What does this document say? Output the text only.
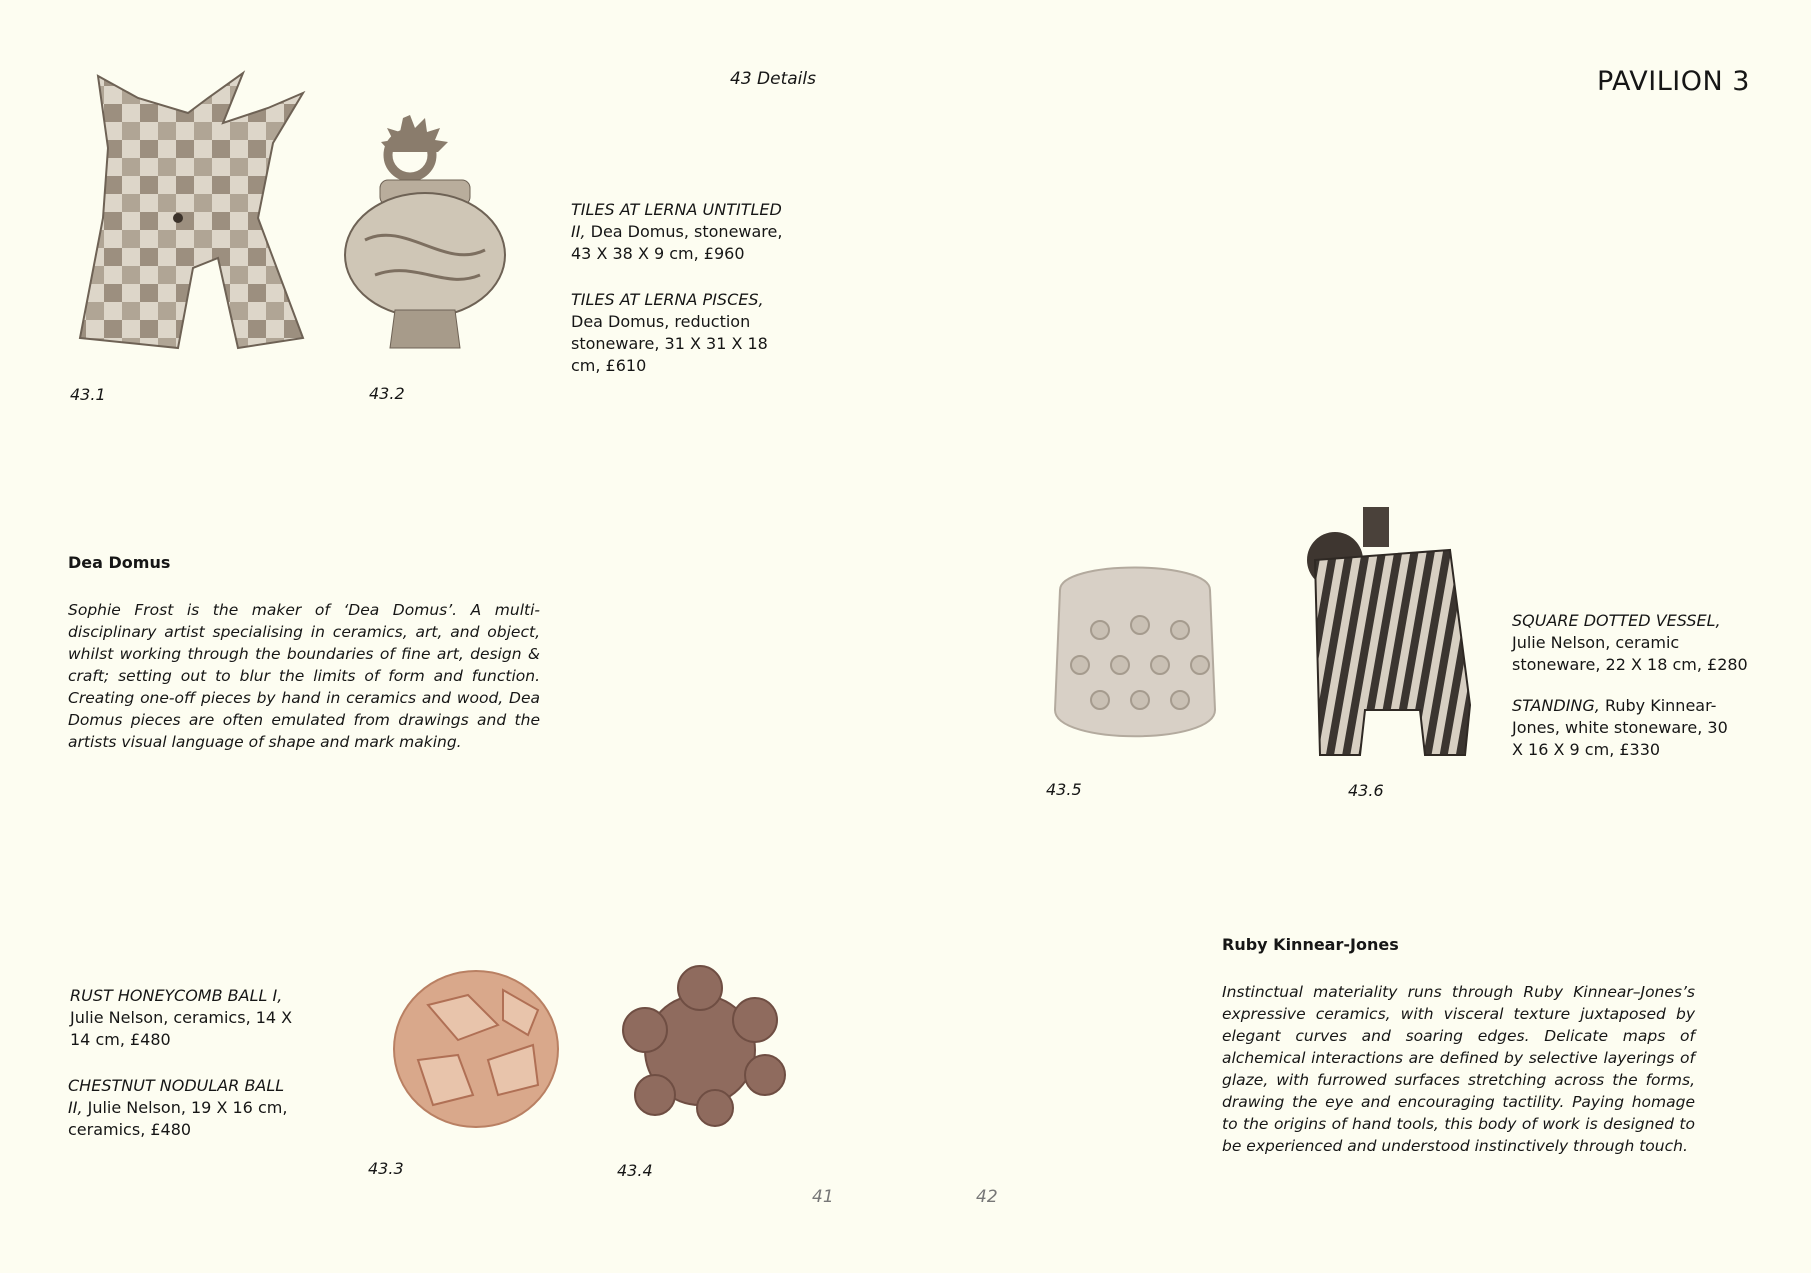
43 Details	PAVILION 3
43.1	43.2
TILES AT LERNA UNTITLED II, Dea Domus, stoneware, 43 X 38 X 9 cm, £960
TILES AT LERNA PISCES, Dea Domus, reduction stoneware, 31 X 31 X 18 cm, £610
Dea Domus
Sophie Frost is the maker of ‘Dea Domus’. A multi-disciplinary artist specialising in ceramics, art, and object, whilst working through the boundaries of fine art, design & craft; setting out to blur the limits of form and function. Creating one-off pieces by hand in ceramics and wood, Dea Domus pieces are often emulated from drawings and the artists visual language of shape and mark making.
RUST HONEYCOMB BALL I, Julie Nelson, ceramics, 14 X 14 cm, £480
CHESTNUT NODULAR BALL II, Julie Nelson, 19 X 16 cm, ceramics, £480
43.3	43.4
41
43.5	43.6
SQUARE DOTTED VESSEL, Julie Nelson, ceramic stoneware, 22 X 18 cm, £280
STANDING, Ruby Kinnear-Jones, white stoneware, 30 X 16 X 9 cm, £330
Ruby Kinnear-Jones
Instinctual materiality runs through Ruby Kinnear–Jones’s expressive ceramics, with visceral texture juxtaposed by elegant curves and soaring edges. Delicate maps of alchemical interactions are defined by selective layerings of glaze, with furrowed surfaces stretching across the forms, drawing the eye and encouraging tactility. Paying homage to the origins of hand tools, this body of work is designed to be experienced and understood instinctively through touch.
42
